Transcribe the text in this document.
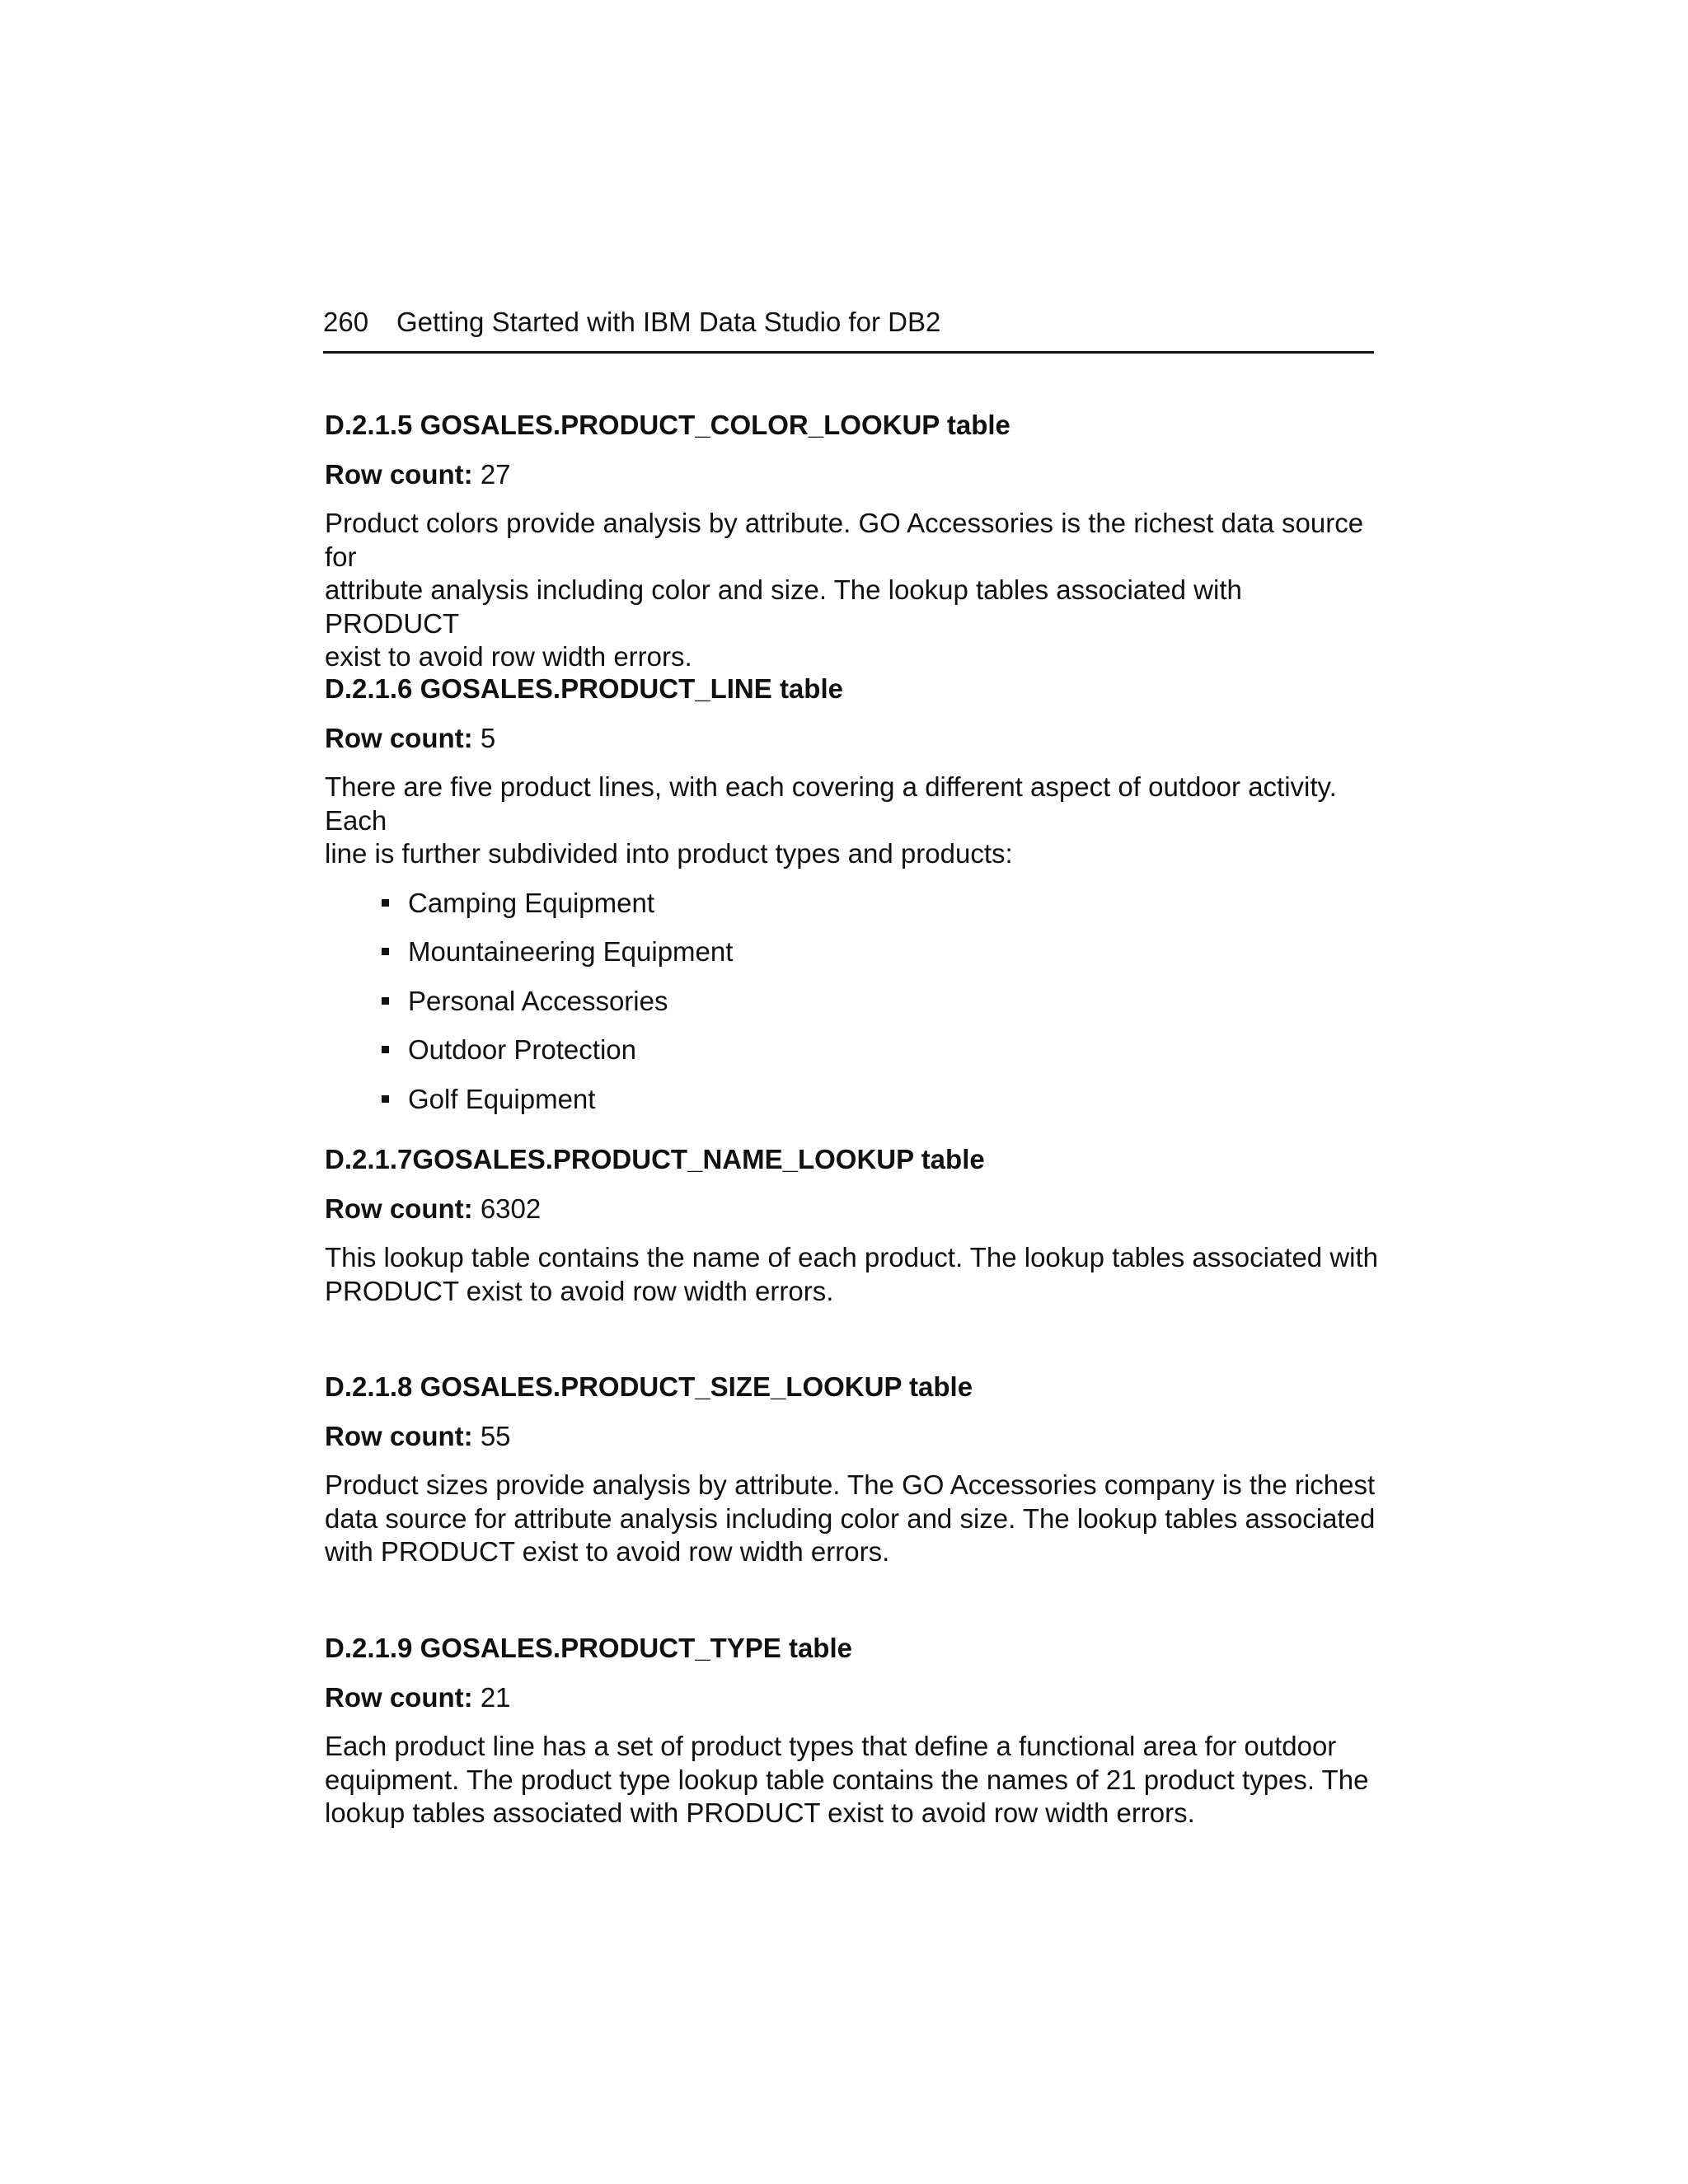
260 Getting Started with IBM Data Studio for DB2
D.2.1.5 GOSALES.PRODUCT_COLOR_LOOKUP table
Row count: 27
Product colors provide analysis by attribute. GO Accessories is the richest data source for
attribute analysis including color and size. The lookup tables associated with PRODUCT
exist to avoid row width errors.
D.2.1.6 GOSALES.PRODUCT_LINE table
Row count: 5
There are five product lines, with each covering a different aspect of outdoor activity. Each
line is further subdivided into product types and products:
Camping Equipment
Mountaineering Equipment
Personal Accessories
Outdoor Protection
Golf Equipment
D.2.1.7GOSALES.PRODUCT_NAME_LOOKUP table
Row count: 6302
This lookup table contains the name of each product. The lookup tables associated with
PRODUCT exist to avoid row width errors.
D.2.1.8 GOSALES.PRODUCT_SIZE_LOOKUP table
Row count: 55
Product sizes provide analysis by attribute. The GO Accessories company is the richest
data source for attribute analysis including color and size. The lookup tables associated
with PRODUCT exist to avoid row width errors.
D.2.1.9 GOSALES.PRODUCT_TYPE table
Row count: 21
Each product line has a set of product types that define a functional area for outdoor
equipment. The product type lookup table contains the names of 21 product types. The
lookup tables associated with PRODUCT exist to avoid row width errors.
